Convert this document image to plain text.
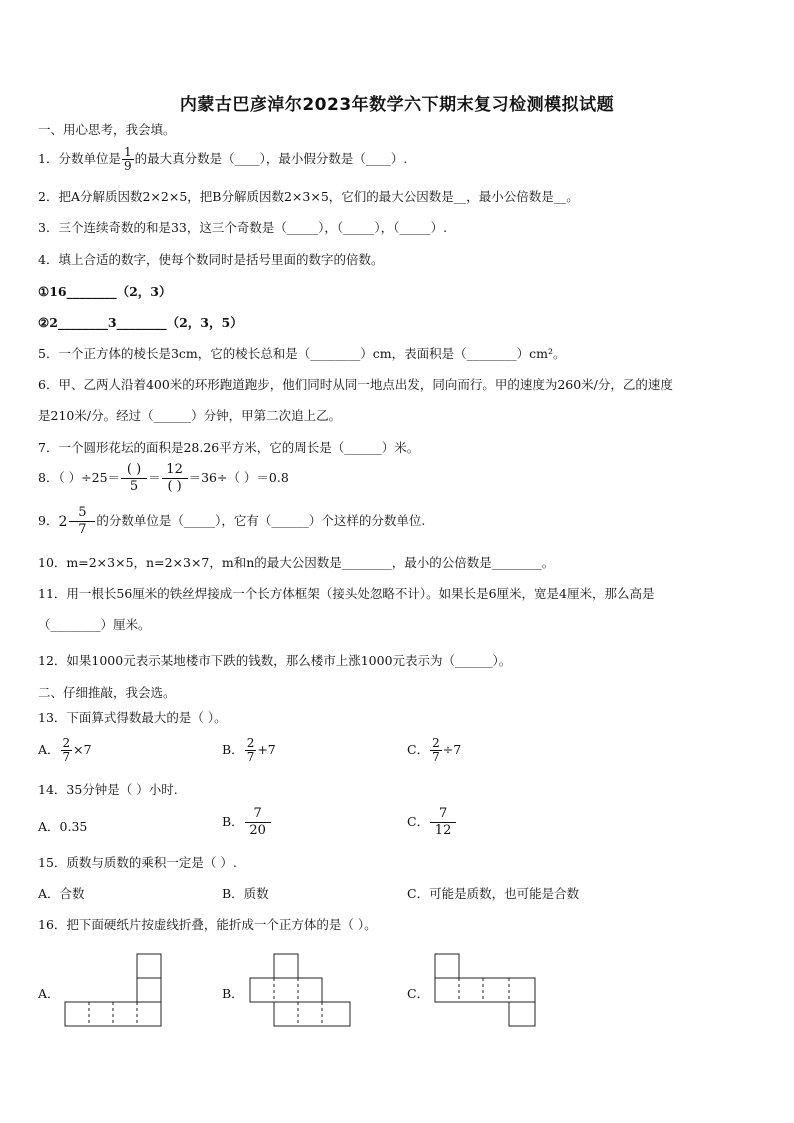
内蒙古巴彦淖尔2023年数学六下期末复习检测模拟试题
一、用心思考，我会填。
1．分数单位是 $\frac{1}{9}$ 的最大真分数是（____），最小假分数是（____）.
2．把A分解质因数2×2×5，把B分解质因数2×3×5，它们的最大公因数是__，最小公倍数是__。
3．三个连续奇数的和是33，这三个奇数是（_____），（_____），（_____）.
4．填上合适的数字，使每个数同时是括号里面的数字的倍数。
①16________（2，3）
②2________3________（2，3，5）
5．一个正方体的棱长是3cm，它的棱长总和是（________）cm，表面积是（________）cm²。
6．甲、乙两人沿着400米的环形跑道跑步，他们同时从同一地点出发，同向而行。甲的速度为260米/分，乙的速度
是210米/分。经过（______）分钟，甲第二次追上乙。
7．一个圆形花坛的面积是28.26平方米，它的周长是（______）米。
8．（ ）$\div 25= \frac{( )}{5} = \frac{12}{( )} =36\div$（ ）＝0.8
9． $2 \frac{5}{7}$ 的分数单位是（_____），它有（______）个这样的分数单位.
10．m=2×3×5，n=2×3×7，m和n的最大公因数是________，最小的公倍数是________。
11．用一根长56厘米的铁丝焊接成一个长方体框架（接头处忽略不计）。如果长是6厘米，宽是4厘米，那么高是
（________）厘米。
12．如果1000元表示某地楼市下跌的钱数，那么楼市上涨1000元表示为（______）。
二、仔细推敲，我会选。
13．下面算式得数最大的是（ ）。
A． $\frac{2}{7} \times 7$	B． $\frac{2}{7} +7$	C． $\frac{2}{7} \div 7$
14．35分钟是（ ）小时.
A．0.35	B． $\frac{7}{20}$	C． $\frac{7}{12}$
15．质数与质数的乘积一定是（ ）.
A．合数	B．质数	C．可能是质数，也可能是合数
16．把下面硬纸片按虚线折叠，能折成一个正方体的是（ ）。
A．	B．	C．
